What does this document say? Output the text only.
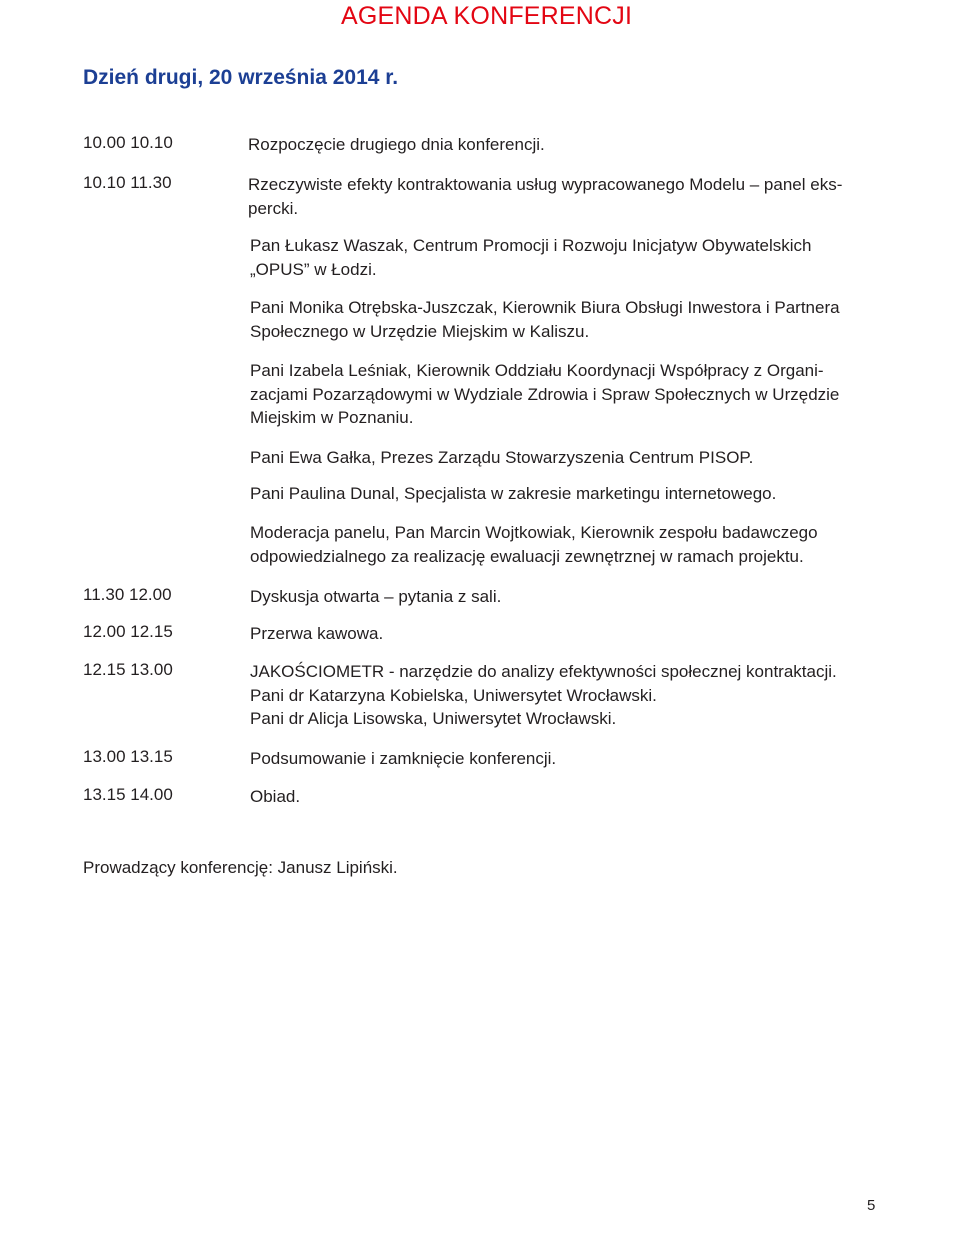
AGENDA KONFERENCJI
Dzień drugi, 20 września 2014 r.
10.00 10.10	Rozpoczęcie drugiego dnia konferencji.
10.10 11.30	Rzeczywiste efekty kontraktowania usług wypracowanego Modelu – panel eks-
percki.
Pan Łukasz Waszak, Centrum Promocji i Rozwoju Inicjatyw Obywatelskich
„OPUS” w Łodzi.
Pani Monika Otrębska-Juszczak, Kierownik Biura Obsługi Inwestora i Partnera
Społecznego w Urzędzie Miejskim w Kaliszu.
Pani Izabela Leśniak, Kierownik Oddziału Koordynacji Współpracy z Organi-
zacjami Pozarządowymi w Wydziale Zdrowia i Spraw Społecznych w Urzędzie
Miejskim w Poznaniu.
Pani Ewa Gałka, Prezes Zarządu Stowarzyszenia Centrum PISOP.
Pani Paulina Dunal, Specjalista w zakresie marketingu internetowego.
Moderacja panelu, Pan Marcin Wojtkowiak, Kierownik zespołu badawczego
odpowiedzialnego za realizację ewaluacji zewnętrznej w ramach projektu.
11.30 12.00	Dyskusja otwarta – pytania z sali.
12.00 12.15	Przerwa kawowa.
12.15 13.00	JAKOŚCIOMETR - narzędzie do analizy efektywności społecznej kontraktacji.
Pani dr Katarzyna Kobielska, Uniwersytet Wrocławski.
Pani dr Alicja Lisowska, Uniwersytet Wrocławski.
13.00 13.15	Podsumowanie i zamknięcie konferencji.
13.15 14.00	Obiad.
Prowadzący konferencję: Janusz Lipiński.
5
